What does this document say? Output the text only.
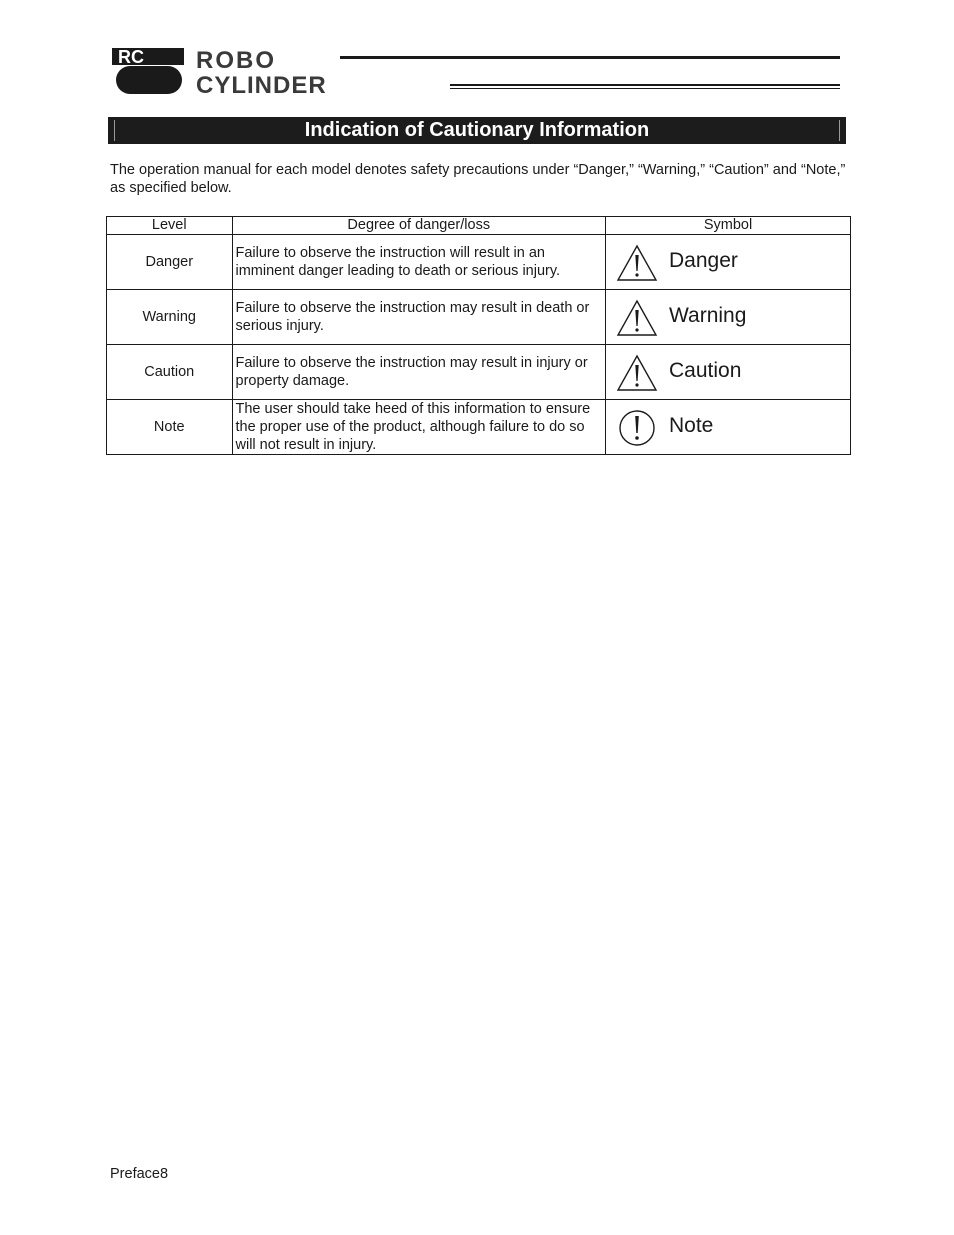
RC ROBO
CYLINDER
Indication of Cautionary Information
The operation manual for each model denotes safety precautions under “Danger,” “Warning,” “Caution” and “Note,” as specified below.
Level	Degree of danger/loss	Symbol
Danger	Failure to observe the instruction will result in an imminent danger leading to death or serious injury.	Danger

Warning	Failure to observe the instruction may result in death or serious injury.	Warning

Caution	Failure to observe the instruction may result in injury or property damage.	Caution

Note	The user should take heed of this information to ensure the proper use of the product, although failure to do so will not result in injury.	Note
Preface8
